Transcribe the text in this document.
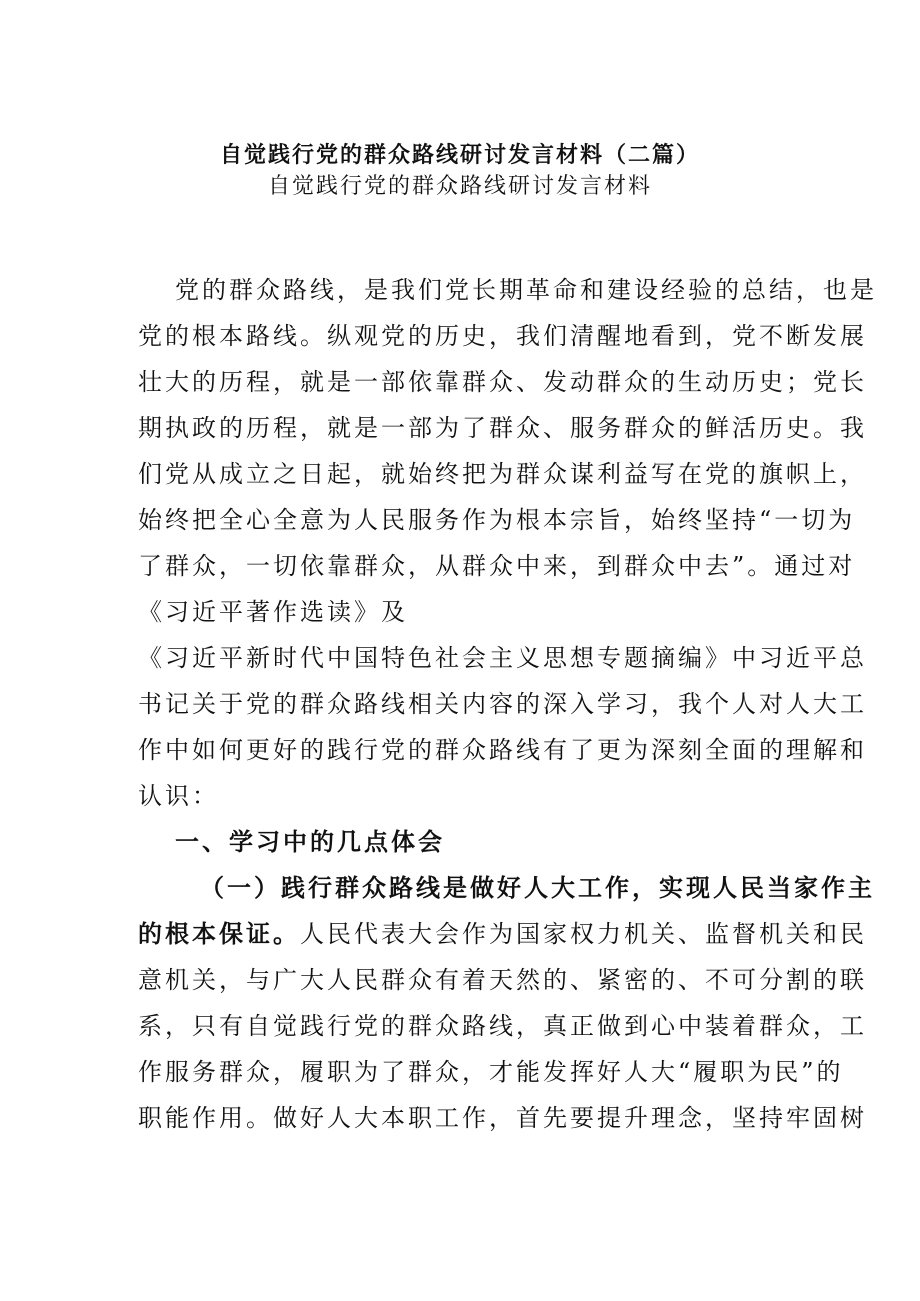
自觉践行党的群众路线研讨发言材料（二篇）
自觉践行党的群众路线研讨发言材料
党的群众路线，是我们党长期革命和建设经验的总结，也是
党的根本路线。纵观党的历史，我们清醒地看到，党不断发展
壮大的历程，就是一部依靠群众、发动群众的生动历史；党长
期执政的历程，就是一部为了群众、服务群众的鲜活历史。我
们党从成立之日起，就始终把为群众谋利益写在党的旗帜上，
始终把全心全意为人民服务作为根本宗旨，始终坚持“一切为
了群众，一切依靠群众，从群众中来，到群众中去”。通过对
《习近平著作选读》及
《习近平新时代中国特色社会主义思想专题摘编》中习近平总
书记关于党的群众路线相关内容的深入学习，我个人对人大工
作中如何更好的践行党的群众路线有了更为深刻全面的理解和
认识：
一、学习中的几点体会
（一）践行群众路线是做好人大工作，实现人民当家作主
的根本保证。人民代表大会作为国家权力机关、监督机关和民
意机关，与广大人民群众有着天然的、紧密的、不可分割的联
系，只有自觉践行党的群众路线，真正做到心中装着群众，工
作服务群众，履职为了群众，才能发挥好人大“履职为民”的
职能作用。做好人大本职工作，首先要提升理念，坚持牢固树
